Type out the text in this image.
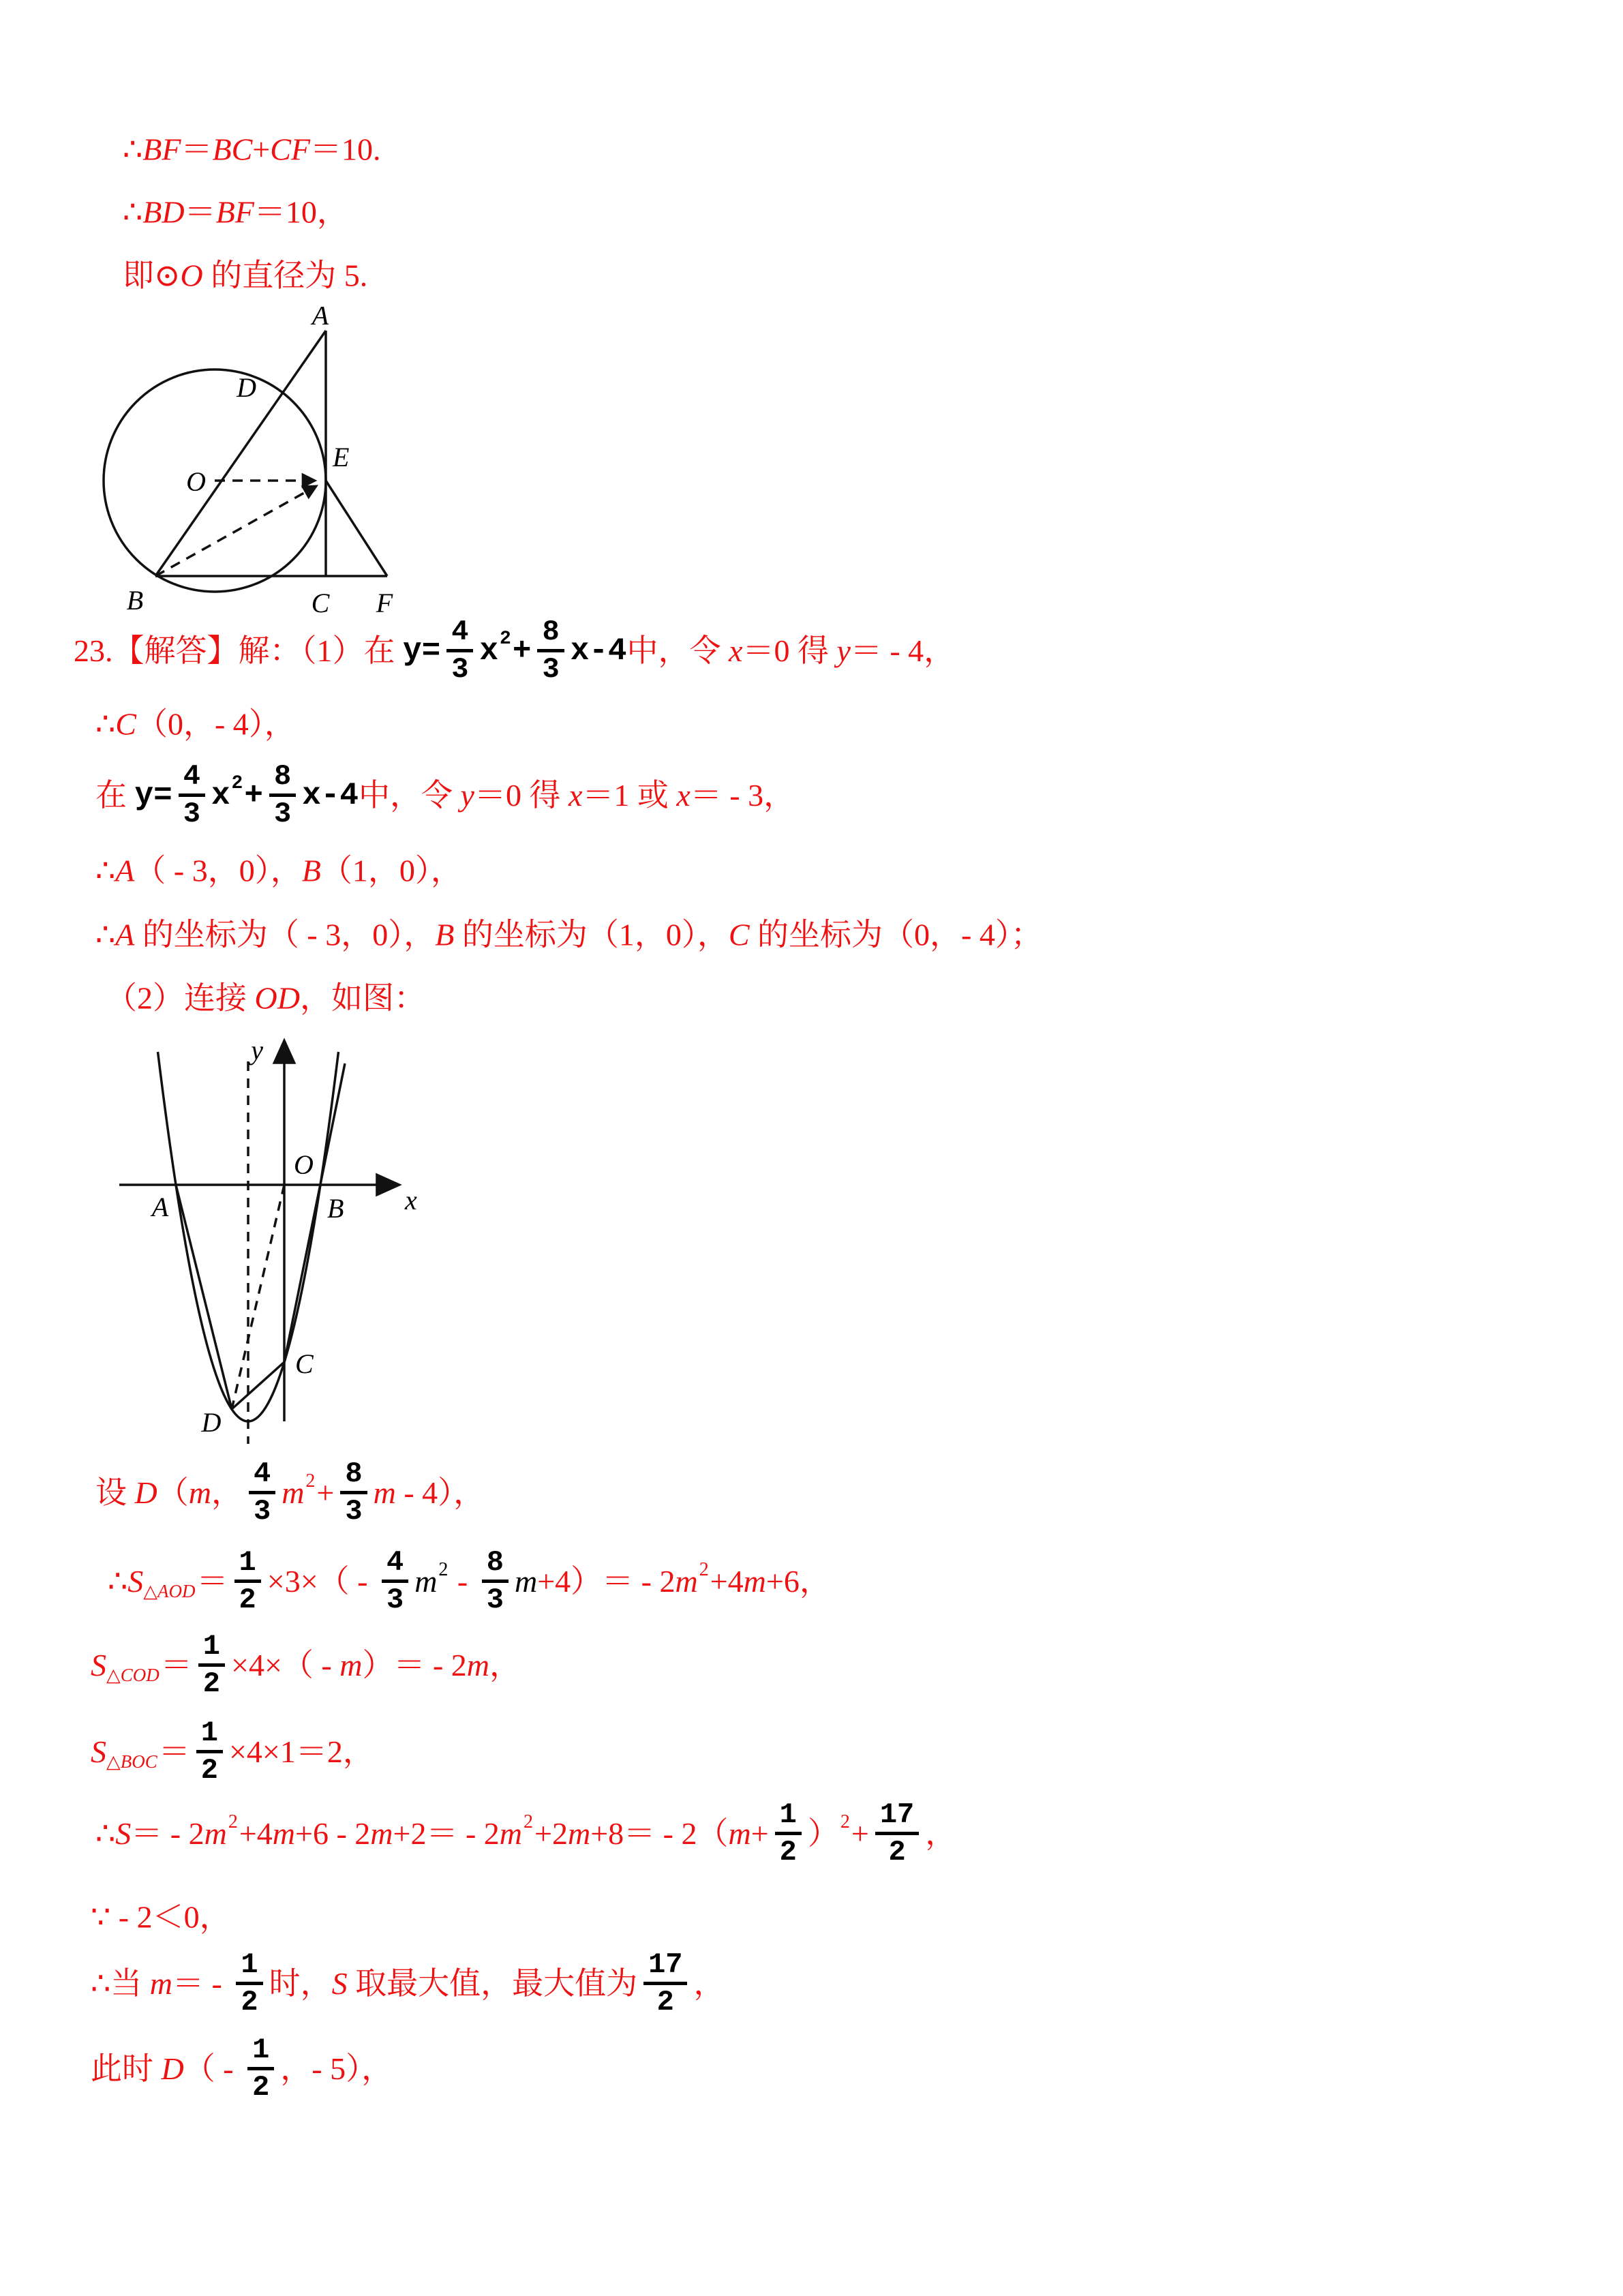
∴ BF ＝ BC + CF ＝10.
∴ BD ＝ BF ＝10，
即⊙ O 的直径为 5.
23.【解答】解：（1）在 $y= \frac{4}{3}$ x $2 + \frac{8}{3} x-4$ 中，令 x ＝0 得 y ＝ - 4，
∴ C （0，- 4），
在 $y= \frac{4}{3}$ x $2 + \frac{8}{3} x-4$ 中，令 y ＝0 得 x ＝1 或 x ＝ - 3，
∴ A （ - 3，0）， B （1，0），
∴ A 的坐标为（ - 3，0）， B 的坐标为（1，0）， C 的坐标为（0，- 4）；
（2）连接 OD ，如图：
设 D （ m ， $\frac{4}{3}$ m $2 + \frac{8}{3}$ m - 4），
∴ S △AOD ＝ $\frac{1}{2} \times 3\times( - \frac{4}{3}$ m $2 - \frac{8}{3}$ m +4）＝ - 2 m 2 +4 m +6，
S △COD ＝ $\frac{1}{2} \times 4\times( - m$ ）＝ - 2 m ，
S △BOC ＝ $\frac{1}{2} \times 4\times 1=2$，
∴ S ＝ - 2 m 2 +4 m +6 - 2 m +2＝ - 2 m 2 +2 m +8＝ - 2（ $m + \frac{1}{2}$ ） $2 + \frac{17}{2}$ ，
∵ - 2＜0，
∴当 m ＝ - $\frac{1}{2}$ 时， S 取最大值，最大值为 $\frac{17}{2}$ ，
此时 D （ - $\frac{1}{2}$ ，- 5），
A
D
O
E
B	C F
y
x
O
A	B
C
D
